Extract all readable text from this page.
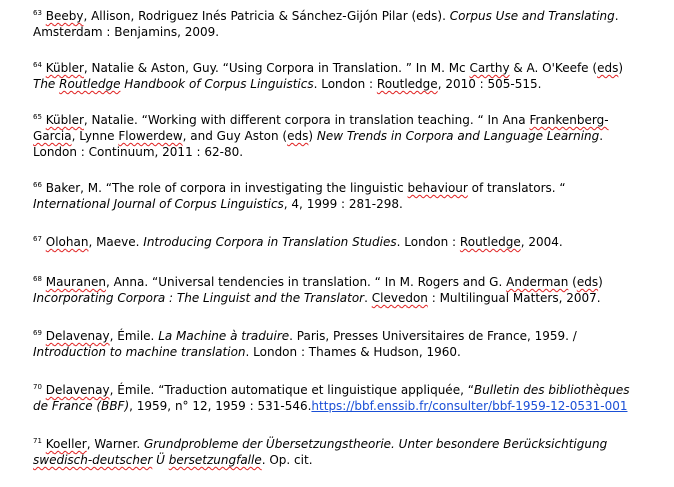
$^{63}$ Beeby, Allison, Rodriguez Inés Patricia & Sánchez-Gijón Pilar (eds). Corpus Use and Translating.
Amsterdam : Benjamins, 2009.
$^{64}$ Kübler, Natalie & Aston, Guy. “Using Corpora in Translation. ” In M. Mc Carthy & A. O'Keefe (eds)
The Routledge Handbook of Corpus Linguistics. London : Routledge, 2010 : 505-515.
$^{65}$ Kübler, Natalie. “Working with different corpora in translation teaching. “ In Ana Frankenberg-
Garcia, Lynne Flowerdew, and Guy Aston (eds) New Trends in Corpora and Language Learning.
London : Continuum, 2011 : 62-80.
$^{66}$ Baker, M. “The role of corpora in investigating the linguistic behaviour of translators. “
International Journal of Corpus Linguistics, 4, 1999 : 281-298.
$^{67}$ Olohan, Maeve. Introducing Corpora in Translation Studies. London : Routledge, 2004.
$^{68}$ Mauranen, Anna. “Universal tendencies in translation. “ In M. Rogers and G. Anderman (eds)
Incorporating Corpora : The Linguist and the Translator. Clevedon : Multilingual Matters, 2007.
$^{69}$ Delavenay, Émile. La Machine à traduire. Paris, Presses Universitaires de France, 1959. /
Introduction to machine translation. London : Thames & Hudson, 1960.
$^{70}$ Delavenay, Émile. “Traduction automatique et linguistique appliquée, “Bulletin des bibliothèques
de France (BBF), 1959, n° 12, 1959 : 531-546.https://bbf.enssib.fr/consulter/bbf-1959-12-0531-001
$^{71}$ Koeller, Warner. Grundprobleme der Übersetzungstheorie. Unter besondere Berücksichtigung
swedisch-deutscher Ü bersetzungfalle. Op. cit.
